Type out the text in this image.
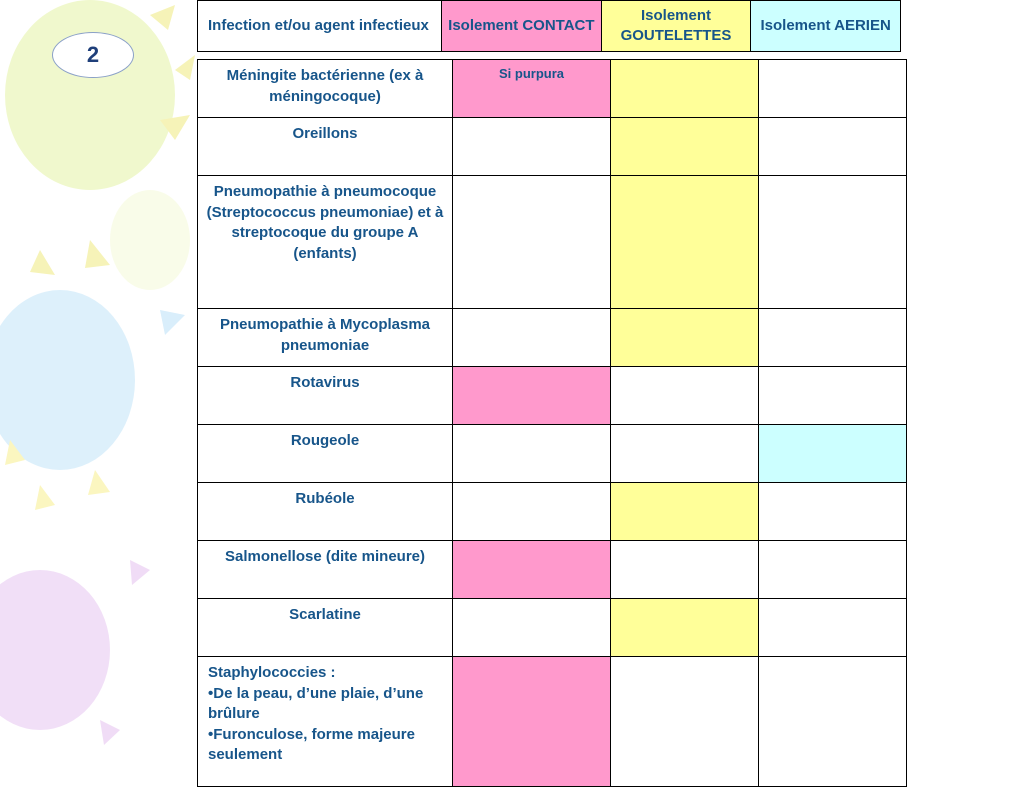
2
Infection et/ou agent infectieux	Isolement CONTACT	Isolement GOUTELETTES	Isolement AERIEN
Méningite bactérienne (ex à méningocoque)	Si purpura		
Oreillons			
Pneumopathie à pneumocoque (Streptococcus pneumoniae) et à streptocoque du groupe A (enfants)			
Pneumopathie à Mycoplasma pneumoniae			
Rotavirus			
Rougeole			
Rubéole			
Salmonellose (dite mineure)			
Scarlatine			
Staphylococcies :
•De la peau, d’une plaie, d’une brûlure
•Furonculose, forme majeure seulement			
